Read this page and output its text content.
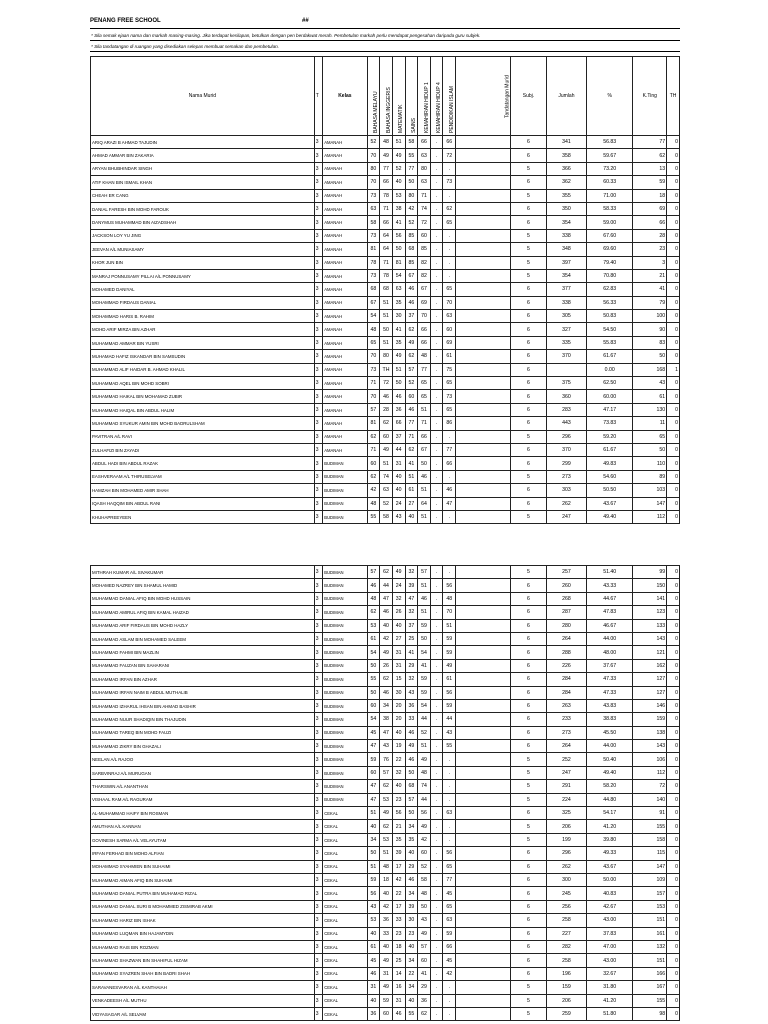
PENANG FREE SCHOOL	##
* Sila semak ejaan nama dan markah masing-masing. Jika terdapat kesilapan, betulkan dengan pen berdakwat merah. Pembetulan markah perlu mendapat pengesahan daripada guru subjek.
* Sila tandatangan di ruangan yang disediakan selepas membuat semakan dan pembetulan.
Nama Murid	T	Kelas	BAHASA MELAYU	BAHASA INGGERIS	MATEMATIK	SAINS	KEMAHIRAN HIDUP 1	KEMAHIRAN HIDUP 4	PENDIDIKAN ISLAM	Tandatangan Murid	Subj.	Jumlah	%	K.Ting	TH
ARIQ ARAZI B AHMAD TAJUDIN	3	AMANAH	52	48	51	58	66	.	66		6	341	56.83	77	0
AHMAD AMMAR BIN ZAKARIA	3	AMANAH	70	49	49	55	63	.	72		6	358	59.67	62	0
ARYAN BHUBHINDAR SINGH	3	AMANAH	80	77	52	77	80	.	.		5	366	73.20	13	0
ATIF KHAN BIN ISMAIL KHAN	3	AMANAH	70	66	40	50	63	.	73		6	362	60.33	59	0
CHEAH ER CANG	3	AMANAH	73	78	53	80	71	.	.		5	355	71.00	18	0
DANIAL FARESH BIN MOHD FAROUK	3	AMANAH	63	71	38	42	74	.	62		6	350	58.33	69	0
DANYMUS MUHAMMAD BIN AIZADSHAH	3	AMANAH	58	66	41	52	72	.	65		6	354	59.00	66	0
JACKSON LOY YU JING	3	AMANAH	73	64	56	85	60	.	.		5	338	67.60	28	0
JEEVAN A/L MUNIASAMY	3	AMANAH	81	64	50	68	85	.	.		5	348	69.60	23	0
KHOR JUN BIN	3	AMANAH	78	71	81	85	82	.	.		5	397	79.40	3	0
MANRAJ PONNUSAMY PILLAI A/L PONNUSAMY	3	AMANAH	73	78	54	67	82	.	.		5	354	70.80	21	0
MOHAMED DANIYAL	3	AMANAH	68	68	63	46	67	.	65		6	377	62.83	41	0
MOHAMMAD FIRDAUS DANIAL	3	AMANAH	67	51	35	46	69	.	70		6	338	56.33	79	0
MOHAMMAD HARIS B. RAHIM	3	AMANAH	54	51	30	37	70	.	63		6	305	50.83	100	0
MOHD ARIF MIRZA BIN AZHAR	3	AMANAH	48	50	41	62	66	.	60		6	327	54.50	90	0
MUHAMMAD AMMAR BIN YUSRI	3	AMANAH	65	51	35	49	66	.	69		6	335	55.83	83	0
MUHAMAD HAFIZ ISKANDAR BIN SAMSUDIN	3	AMANAH	70	80	49	62	48	.	61		6	370	61.67	50	0
MUHAMMAD ALIF HAIDAR B. AHMAD KHALIL	3	AMANAH	73	TH	51	57	77	.	75		6		0.00	168	1
MUHAMMAD AQEL BIN MOHD SOBRI	3	AMANAH	71	72	50	52	65	.	65		6	375	62.50	43	0
MUHAMMAD HAIKAL BIN MOHAMAD ZUBIR	3	AMANAH	70	46	46	60	65	.	73		6	360	60.00	61	0
MUHAMMAD HAIQAL BIN ABDUL HALIM	3	AMANAH	57	28	36	46	51	.	65		6	283	47.17	130	0
MUHAMMAD SYUKUR AMIN BIN MOHD BADRULSHAM	3	AMANAH	81	62	66	77	71	.	86		6	443	73.83	11	0
PAVITRAN A/L RAVI	3	AMANAH	62	60	37	71	66	.	.		5	296	59.20	65	0
ZULHAFIZI BIN ZAYADI	3	AMANAH	71	49	44	62	67	.	77		6	370	61.67	50	0
ABDUL HADI BIN ABDUL RAZAK	3	BUDIMAN	60	51	31	41	50	.	66		6	299	49.83	110	0
EASHVERAAM A/L THIRUSELVAM	3	BUDIMAN	62	74	40	51	46	.	.		5	273	54.60	89	0
HAMZAH BIN MOHAMED AMIR SHAH	3	BUDIMAN	42	63	40	61	51	.	46		6	303	50.50	103	0
IQASH HAQQIM BIN ABDUL RANI	3	BUDIMAN	48	52	24	27	64	.	47		6	262	43.67	147	0
KHUHAPREEYEEN	3	BUDIMAN	55	58	43	40	51	.	.		5	247	49.40	112	0
MITHRAH KUMAR A/L SIVAKUMAR	3	BUDIMAN	57	62	49	32	57	.	.		5	257	51.40	99	0
MOHAMED NAZREY BIN SHAMUL HAMID	3	BUDIMAN	46	44	24	39	51	.	56		6	260	43.33	150	0
MUHAMMAD DANIAL AFIQ BIN MOHD HUSSAIN	3	BUDIMAN	48	47	32	47	46	.	48		6	268	44.67	141	0
MUHAMMAD AMIRUL AFIQ BIN KAMAL HAIZAD	3	BUDIMAN	62	46	26	32	51	.	70		6	287	47.83	123	0
MUHAMMAD ARIF FIRDAUS BIN MOHD HAZLY	3	BUDIMAN	53	40	40	37	59	.	51		6	280	46.67	133	0
MUHAMMAD ASLAM BIN MOHAMED SALEEM	3	BUDIMAN	61	42	27	25	50	.	59		6	264	44.00	143	0
MUHAMMAD FAHMI BIN MAZLIN	3	BUDIMAN	54	49	31	41	54	.	59		6	288	48.00	121	0
MUHAMMAD FAUZAN BIN SAHARANI	3	BUDIMAN	50	26	31	29	41	.	49		6	226	37.67	162	0
MUHAMMAD IRFAN BIN AZHAR	3	BUDIMAN	55	62	15	32	59	.	61		6	284	47.33	127	0
MUHAMMAD IRFAN NAIM B ABDUL MUTHALIB	3	BUDIMAN	50	46	30	43	59	.	56		6	284	47.33	127	0
MUHAMMAD IZHARUL IHSAN BIN AHMAD BASHIR	3	BUDIMAN	60	34	20	36	54	.	59		6	263	43.83	146	0
MUHAMMAD NUUR SHADIQIN BIN THAJUDIN	3	BUDIMAN	54	38	20	33	44	.	44		6	233	38.83	159	0
MUHAMMAD TAREQ BIN MOHD FAUZI	3	BUDIMAN	45	47	40	46	52	.	43		6	273	45.50	138	0
MUHAMMAD ZIKRY BIN GHAZALI	3	BUDIMAN	47	43	19	49	51	.	55		6	264	44.00	143	0
NEELAN A/L RAJOO	3	BUDIMAN	59	76	22	46	49	.	.		5	252	50.40	106	0
SARBVINRAJ A/L MURUGAN	3	BUDIMAN	60	57	32	50	48	.	.		5	247	49.40	112	0
THARSWIN A/L ANANTHAN	3	BUDIMAN	47	62	40	68	74	.	.		5	291	58.20	72	0
VISHAAL RAM A/L RAGURAM	3	BUDIMAN	47	53	23	57	44	.	.		5	224	44.80	140	0
AL-MUHAMMAD HAIFY BIN ROSMAN	3	CEKAL	51	49	56	50	56	.	63		6	325	54.17	91	0
AMUTHAN A/L KANNAN	3	CEKAL	40	62	21	34	49	.	.		5	206	41.20	155	0
GOVINESH SARMA A/L VELAYUTAM	3	CEKAL	34	53	35	35	42	.	.		5	199	39.80	158	0
IRFAN FERHAD BIN MOHD ALFIAN	3	CEKAL	50	51	39	40	60	.	56		6	296	49.33	115	0
MOHAMMAD SYAHMIEN BIN SUHAIMI	3	CEKAL	51	48	17	29	52	.	65		6	262	43.67	147	0
MUHAMMAD AIMAN AFIQ BIN SUHAIMI	3	CEKAL	59	18	42	46	58	.	77		6	300	50.00	109	0
MUHAMMAD DANIAL PUTRA BIN MUHAMAD RIZAL	3	CEKAL	56	40	22	34	48	.	45		6	245	40.83	157	0
MUHAMMAD DANIAL SURI B MOHAMMED ZISMIRAB AKMI	3	CEKAL	43	42	17	39	50	.	65		6	256	42.67	153	0
MUHAMMAD HARIZ BIN ISHAK	3	CEKAL	53	36	33	30	43	.	63		6	258	43.00	151	0
MUHAMMAD LUQMAN BIN HAJAMYDIN	3	CEKAL	40	33	23	23	49	.	59		6	227	37.83	161	0
MUHAMMAD RAIS BIN ROZMAN	3	CEKAL	61	40	18	40	57	.	66		6	282	47.00	132	0
MUHAMMAD SHAZWAN BIN SHAHIFUL HIZAM	3	CEKAL	45	49	25	34	60	.	45		6	258	43.00	151	0
MUHAMMAD SYAZREN SHAH BIN BADRI SHAH	3	CEKAL	46	31	14	22	41	.	42		6	196	32.67	166	0
SARAVANESVARAN A/L KANTHAIAH	3	CEKAL	31	49	16	34	29	.	.		5	159	31.80	167	0
VENKADEESH A/L MUTHU	3	CEKAL	40	59	31	40	36	.	.		5	206	41.20	155	0
VIDYASAGAR A/L SELVAM	3	CEKAL	36	60	46	55	62	.	.		5	259	51.80	98	0
